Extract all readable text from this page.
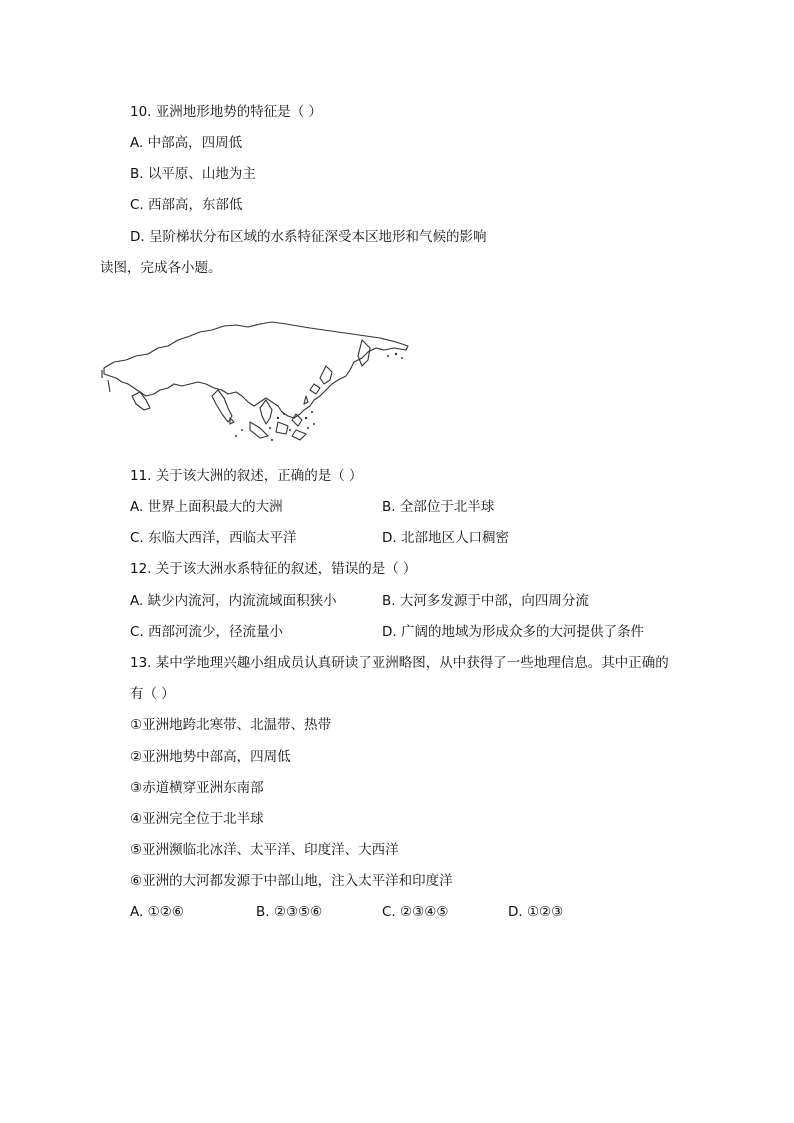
10. 亚洲地形地势的特征是（ ）
A. 中部高，四周低
B. 以平原、山地为主
C. 西部高，东部低
D. 呈阶梯状分布区域的水系特征深受本区地形和气候的影响
读图，完成各小题。
11. 关于该大洲的叙述，正确的是（ ）
A. 世界上面积最大的大洲	B. 全部位于北半球
C. 东临大西洋，西临太平洋	D. 北部地区人口稠密
12. 关于该大洲水系特征的叙述，错误的是（ ）
A. 缺少内流河，内流流域面积狭小	B. 大河多发源于中部，向四周分流
C. 西部河流少，径流量小	D. 广阔的地域为形成众多的大河提供了条件
13. 某中学地理兴趣小组成员认真研读了亚洲略图，从中获得了一些地理信息。其中正确的
有（ ）
①亚洲地跨北寒带、北温带、热带
②亚洲地势中部高，四周低
③赤道横穿亚洲东南部
④亚洲完全位于北半球
⑤亚洲濒临北冰洋、太平洋、印度洋、大西洋
⑥亚洲的大河都发源于中部山地，注入太平洋和印度洋
A. ①②⑥	B. ②③⑤⑥	C. ②③④⑤	D. ①②③
